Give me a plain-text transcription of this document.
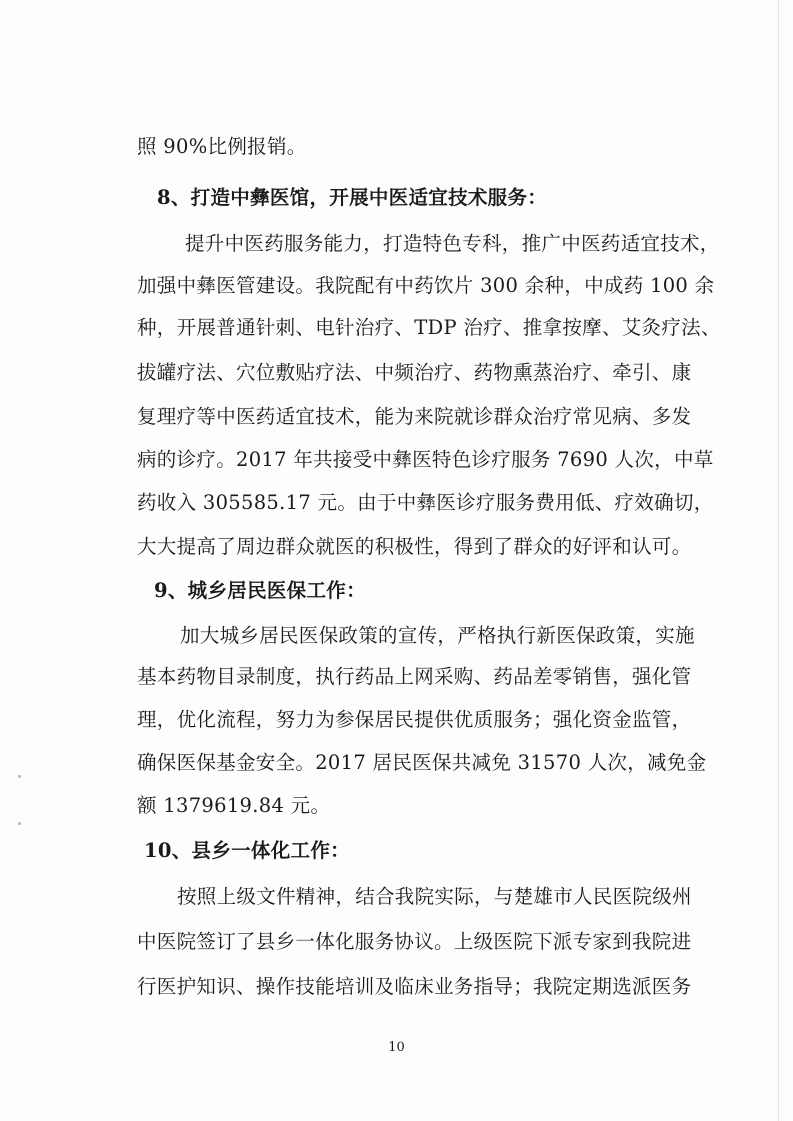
照 90%比例报销。
8、打造中彝医馆，开展中医适宜技术服务：
提升中医药服务能力，打造特色专科，推广中医药适宜技术，
加强中彝医管建设。我院配有中药饮片 300 余种，中成药 100 余
种，开展普通针刺、电针治疗、TDP 治疗、推拿按摩、艾灸疗法、
拔罐疗法、穴位敷贴疗法、中频治疗、药物熏蒸治疗、牵引、康
复理疗等中医药适宜技术，能为来院就诊群众治疗常见病、多发
病的诊疗。2017 年共接受中彝医特色诊疗服务 7690 人次，中草
药收入 305585.17 元。由于中彝医诊疗服务费用低、疗效确切，
大大提高了周边群众就医的积极性，得到了群众的好评和认可。
9、城乡居民医保工作：
加大城乡居民医保政策的宣传，严格执行新医保政策，实施
基本药物目录制度，执行药品上网采购、药品差零销售，强化管
理，优化流程，努力为参保居民提供优质服务；强化资金监管，
确保医保基金安全。2017 居民医保共减免 31570 人次，减免金
额 1379619.84 元。
10、县乡一体化工作：
按照上级文件精神，结合我院实际，与楚雄市人民医院级州
中医院签订了县乡一体化服务协议。上级医院下派专家到我院进
行医护知识、操作技能培训及临床业务指导；我院定期选派医务
10
